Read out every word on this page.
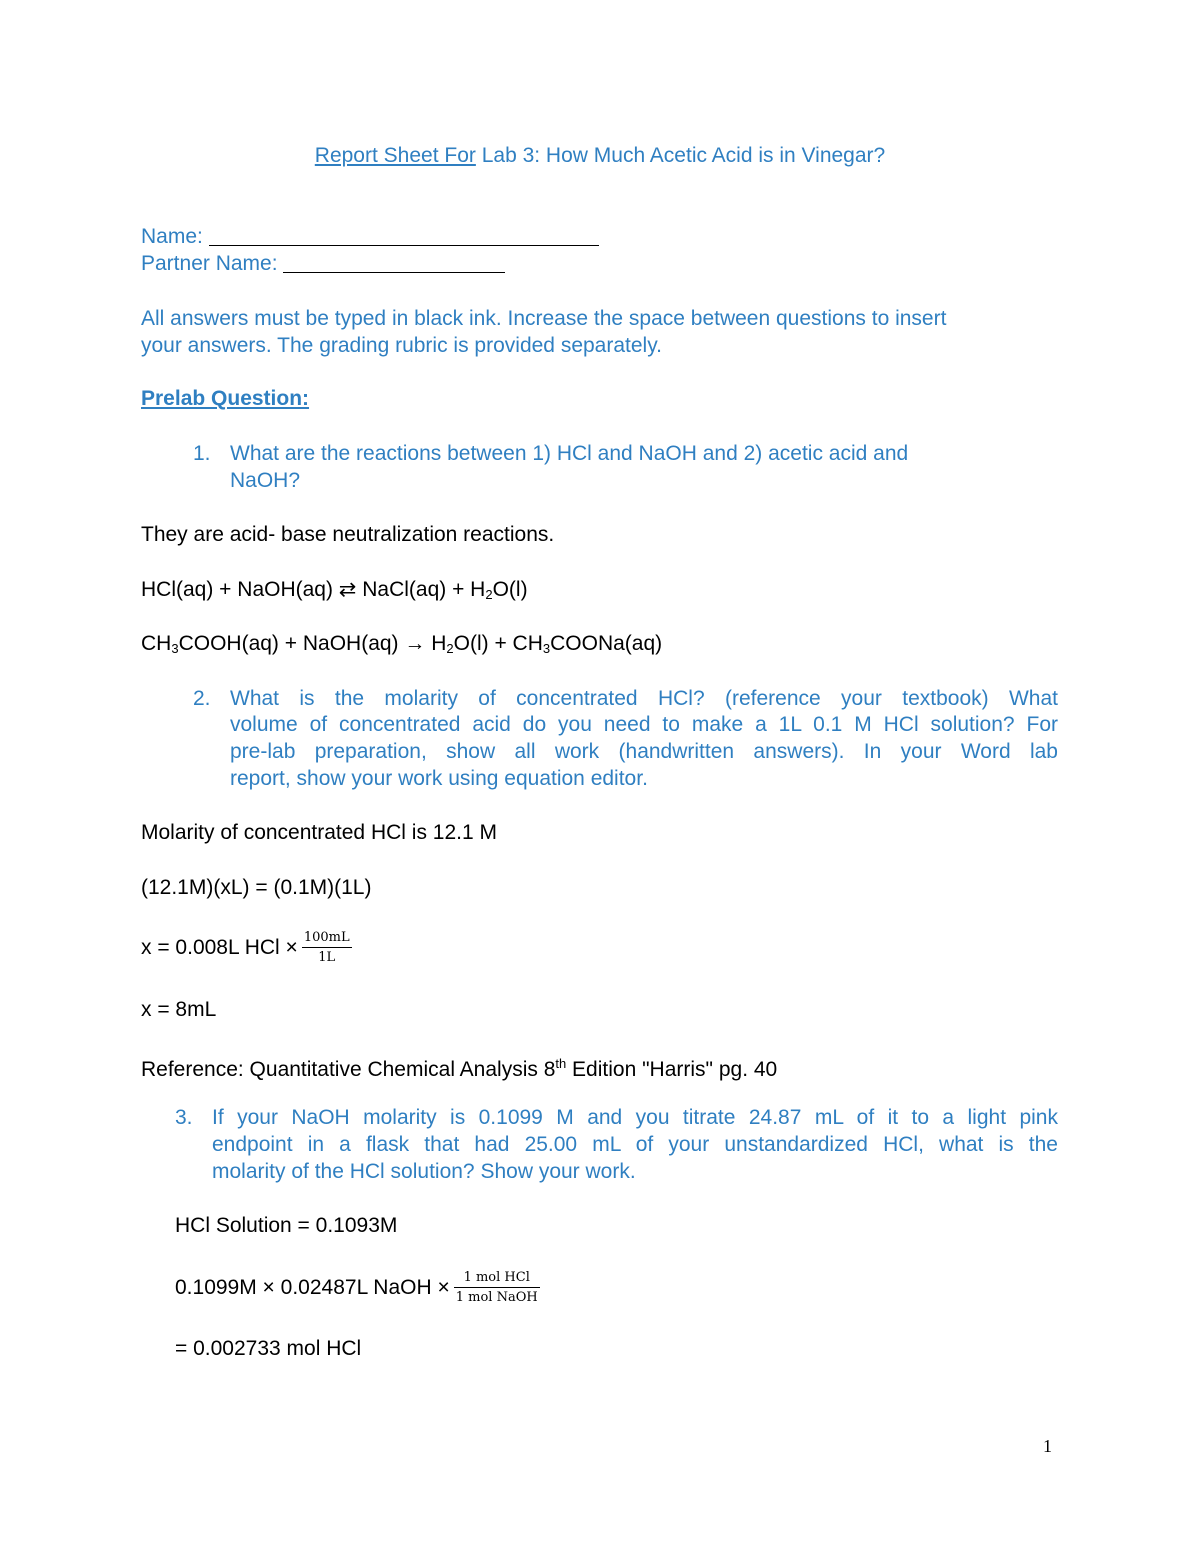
Report Sheet For Lab 3: How Much Acetic Acid is in Vinegar?
Name:
Partner Name:
All answers must be typed in black ink. Increase the space between questions to insert
your answers. The grading rubric is provided separately.
Prelab Question:
1. What are the reactions between 1) HCl and NaOH and 2) acetic acid and
NaOH?
They are acid- base neutralization reactions.
HCl(aq) + NaOH(aq) ⇄ NaCl(aq) + $H_2O(l)$
$CH_3COOH(aq)$ + NaOH(aq) → $H_2O(l)$ + $CH_3COONa(aq)$
2. What is the molarity of concentrated HCl? (reference your textbook) What
volume of concentrated acid do you need to make a 1L 0.1 M HCl solution? For
pre-lab preparation, show all work (handwritten answers). In your Word lab
report, show your work using equation editor.
Molarity of concentrated HCl is 12.1 M
(12.1M)(xL) = (0.1M)(1L)
x = 0.008L HCl × $\frac{100mL}{1L}$
x = 8mL
Reference: Quantitative Chemical Analysis 8th Edition "Harris" pg. 40
3. If your NaOH molarity is 0.1099 M and you titrate 24.87 mL of it to a light pink
endpoint in a flask that had 25.00 mL of your unstandardized HCl, what is the
molarity of the HCl solution? Show your work.
HCl Solution = 0.1093M
0.1099M × 0.02487L NaOH × $\frac{\text{1 mol HCl}}{\text{1 mol NaOH}}$
= 0.002733 mol HCl
1
